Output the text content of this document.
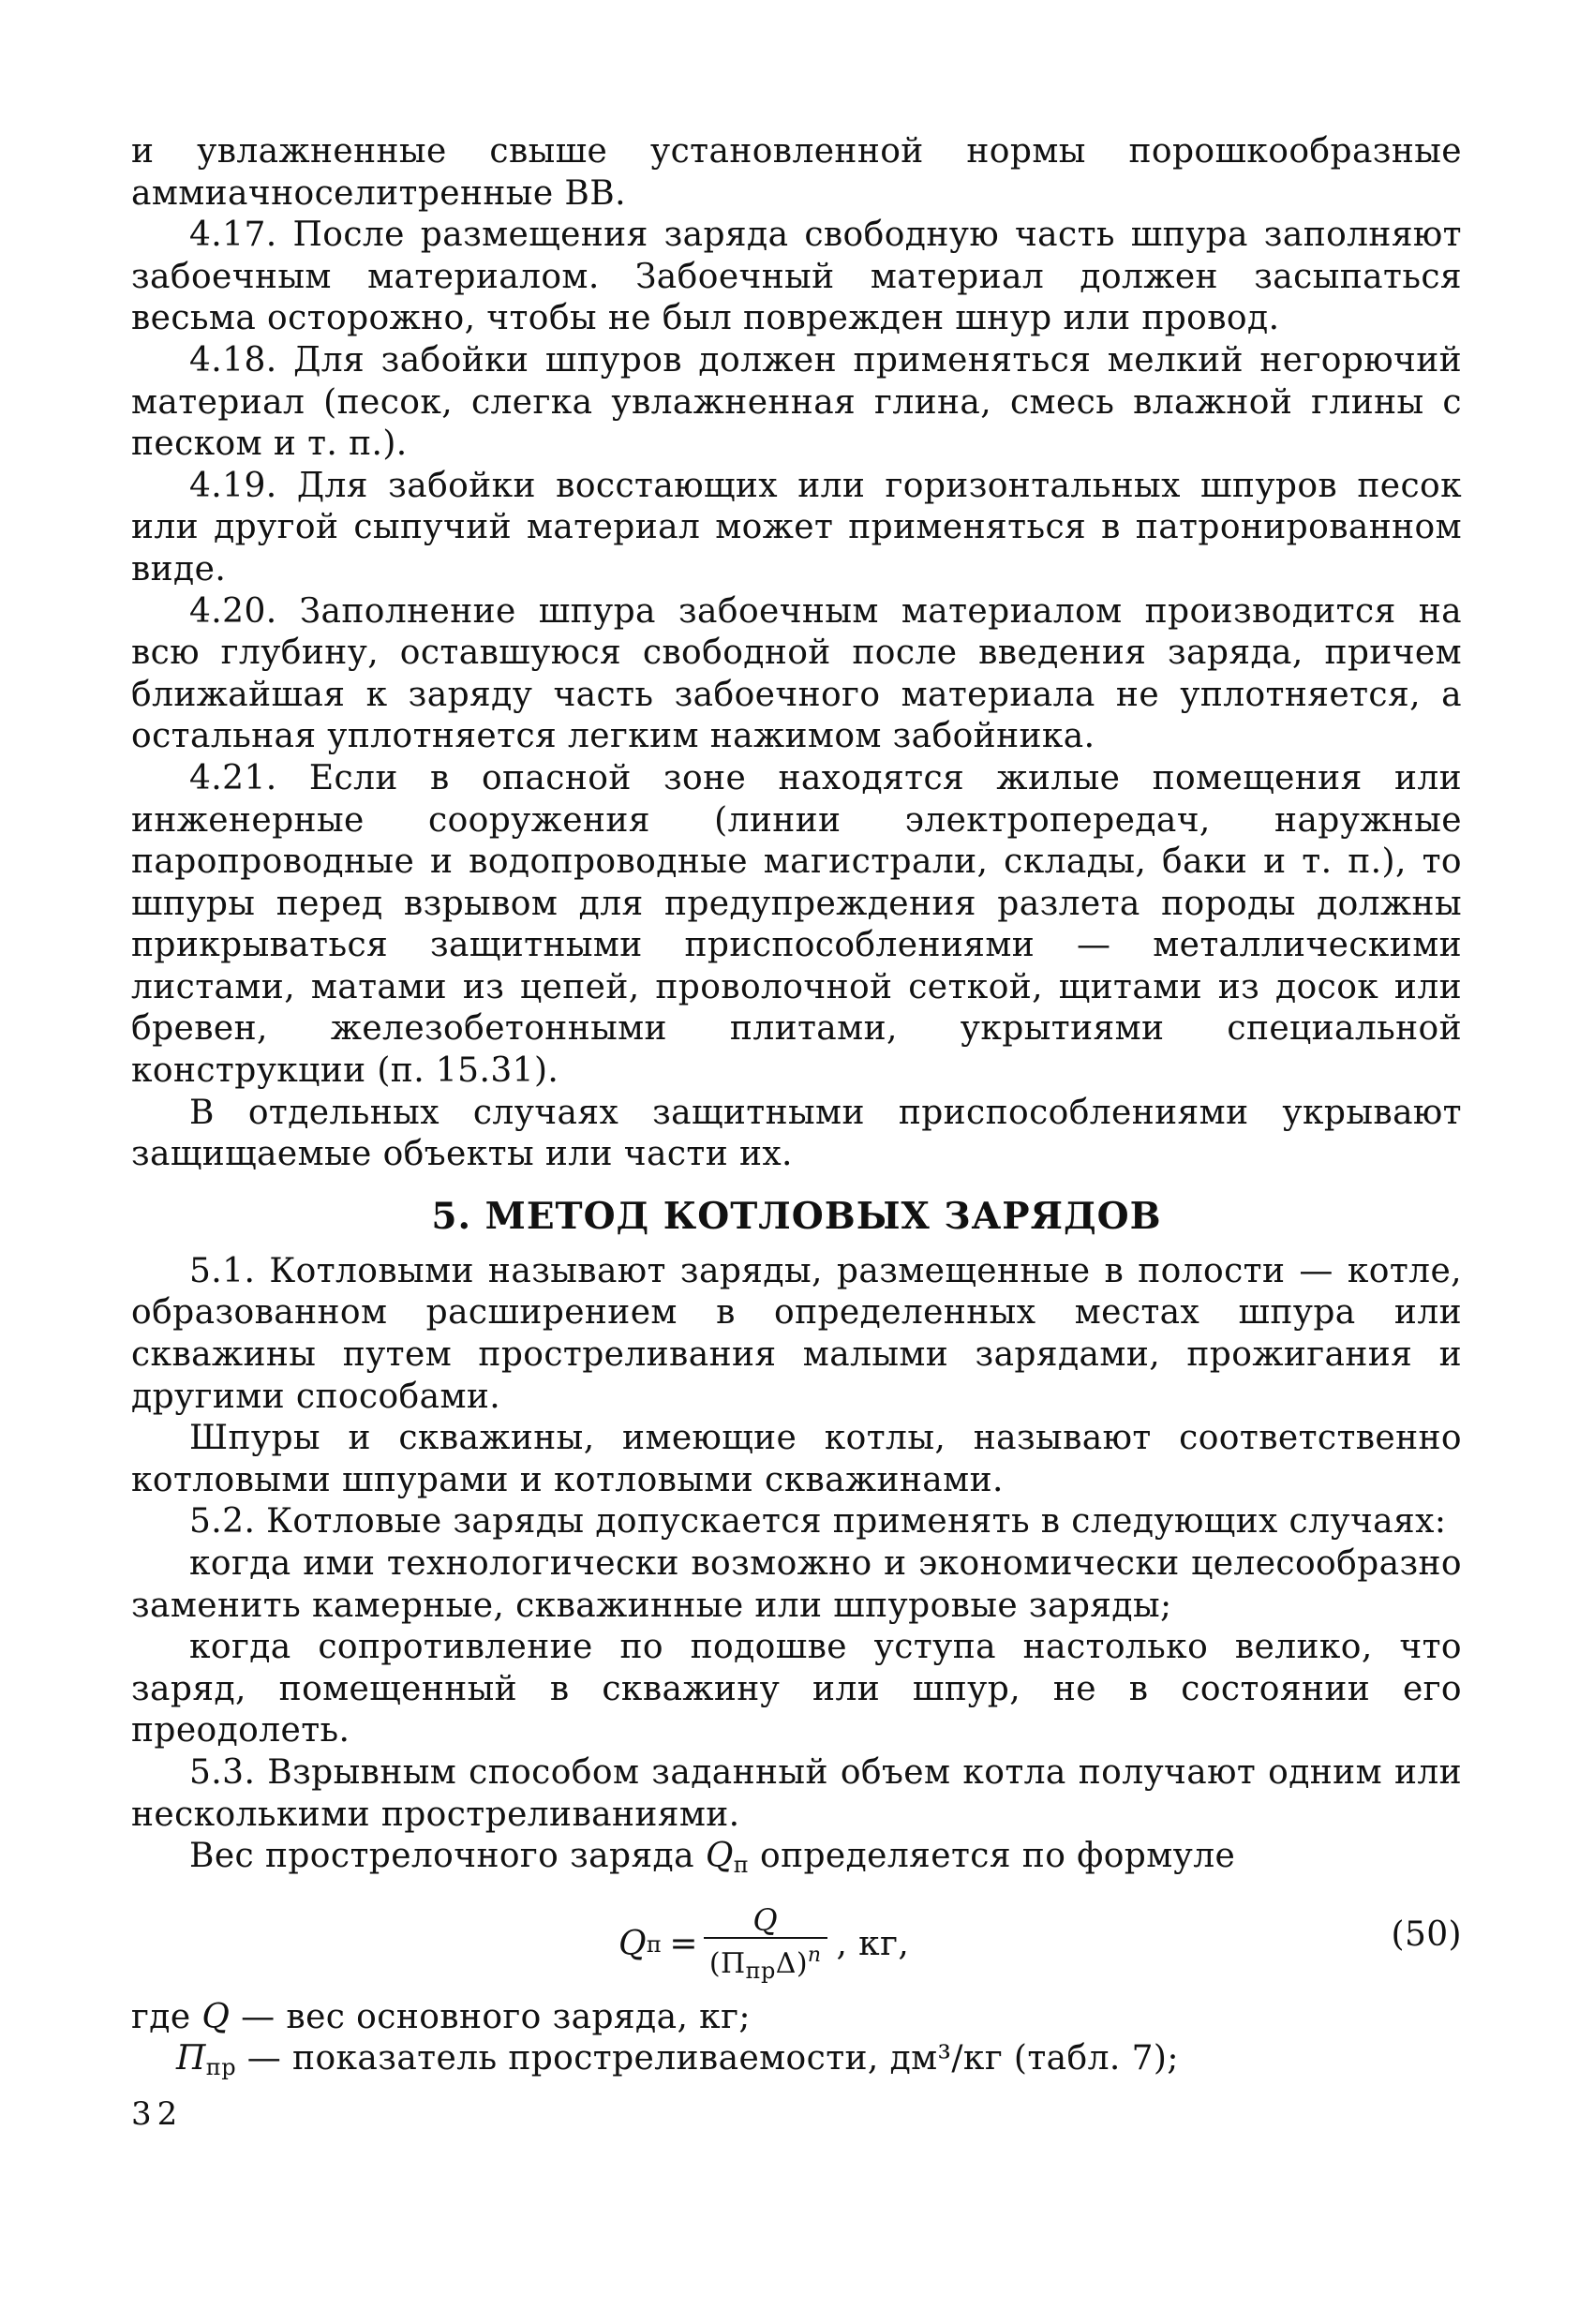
и увлажненные свыше установленной нормы порошкообразные аммиачноселитренные ВВ.

4.17. После размещения заряда свободную часть шпура заполняют забоечным материалом. Забоечный материал должен засыпаться весьма осторожно, чтобы не был поврежден шнур или провод.

4.18. Для забойки шпуров должен применяться мелкий негорючий материал (песок, слегка увлажненная глина, смесь влажной глины с песком и т. п.).

4.19. Для забойки восстающих или горизонтальных шпуров песок или другой сыпучий материал может применяться в патронированном виде.

4.20. Заполнение шпура забоечным материалом производится на всю глубину, оставшуюся свободной после введения заряда, причем ближайшая к заряду часть забоечного материала не уплотняется, а остальная уплотняется легким нажимом забойника.

4.21. Если в опасной зоне находятся жилые помещения или инженерные сооружения (линии электропередач, наружные паропроводные и водопроводные магистрали, склады, баки и т. п.), то шпуры перед взрывом для предупреждения разлета породы должны прикрываться защитными приспособлениями — металлическими листами, матами из цепей, проволочной сеткой, щитами из досок или бревен, железобетонными плитами, укрытиями специальной конструкции (п. 15.31).

В отдельных случаях защитными приспособлениями укрывают защищаемые объекты или части их.

5. МЕТОД КОТЛОВЫХ ЗАРЯДОВ

5.1. Котловыми называют заряды, размещенные в полости — котле, образованном расширением в определенных местах шпура или скважины путем простреливания малыми зарядами, прожигания и другими способами.

Шпуры и скважины, имеющие котлы, называют соответственно котловыми шпурами и котловыми скважинами.

5.2. Котловые заряды допускается применять в следующих случаях:

когда ими технологически возможно и экономически целесообразно заменить камерные, скважинные или шпуровые заряды;

когда сопротивление по подошве уступа настолько велико, что заряд, помещенный в скважину или шпур, не в состоянии его преодолеть.

5.3. Взрывным способом заданный объем котла получают одним или несколькими простреливаниями.

Вес прострелочного заряда $Q_п$ определяется по формуле

Q $п = \frac{Q}{(П_{пр}\Delta)^n}$ , кг,	(50)

где Q — вес основного заряда, кг;

$П_{пр}$ — показатель простреливаемости, дм³/кг (табл. 7);

32
